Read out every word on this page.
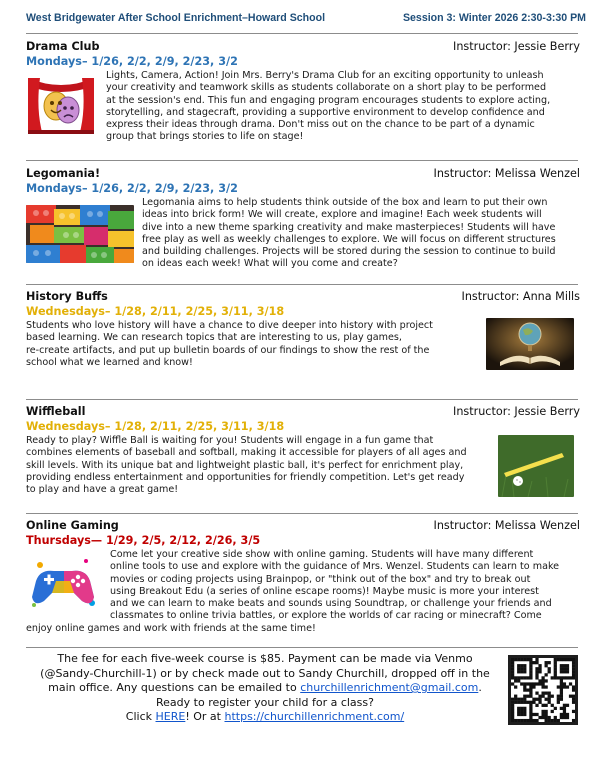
West Bridgewater After School Enrichment–Howard School	Session 3: Winter 2026 2:30-3:30 PM
Drama Club	Instructor: Jessie Berry
Mondays– 1/26, 2/2, 2/9, 2/23, 3/2
Lights, Camera, Action! Join Mrs. Berry's Drama Club for an exciting opportunity to unleash
your creativity and teamwork skills as students collaborate on a short play to be performed
at the session's end. This fun and engaging program encourages students to explore acting,
storytelling, and stagecraft, providing a supportive environment to develop confidence and
express their ideas through drama. Don't miss out on the chance to be part of a dynamic
group that brings stories to life on stage!
Legomania!	Instructor: Melissa Wenzel
Mondays– 1/26, 2/2, 2/9, 2/23, 3/2
Legomania aims to help students think outside of the box and learn to put their own
ideas into brick form! We will create, explore and imagine! Each week students will
dive into a new theme sparking creativity and make masterpieces! Students will have
free play as well as weekly challenges to explore. We will focus on different structures
and building challenges. Projects will be stored during the session to continue to build
on ideas each week! What will you come and create?
History Buffs	Instructor: Anna Mills
Wednesdays– 1/28, 2/11, 2/25, 3/11, 3/18
Students who love history will have a chance to dive deeper into history with project
based learning. We can research topics that are interesting to us, play games,
re-create artifacts, and put up bulletin boards of our findings to show the rest of the
school what we learned and know!
Wiffleball	Instructor: Jessie Berry
Wednesdays– 1/28, 2/11, 2/25, 3/11, 3/18
Ready to play? Wiffle Ball is waiting for you! Students will engage in a fun game that
combines elements of baseball and softball, making it accessible for players of all ages and
skill levels. With its unique bat and lightweight plastic ball, it's perfect for enrichment play,
providing endless entertainment and opportunities for friendly competition. Let's get ready
to play and have a great game!
Online Gaming	Instructor: Melissa Wenzel
Thursdays— 1/29, 2/5, 2/12, 2/26, 3/5
Come let your creative side show with online gaming. Students will have many different
online tools to use and explore with the guidance of Mrs. Wenzel. Students can learn to make
movies or coding projects using Brainpop, or "think out of the box" and try to break out
using Breakout Edu (a series of online escape rooms)! Maybe music is more your interest
and we can learn to make beats and sounds using Soundtrap, or challenge your friends and
classmates to online trivia battles, or explore the worlds of car racing or minecraft? Come
enjoy online games and work with friends at the same time!
The fee for each five-week course is $85. Payment can be made via Venmo
(@Sandy-Churchill-1) or by check made out to Sandy Churchill, dropped off in the
main office. Any questions can be emailed to churchillenrichment@gmail.com.
Ready to register your child for a class?
Click HERE! Or at https://churchillenrichment.com/
